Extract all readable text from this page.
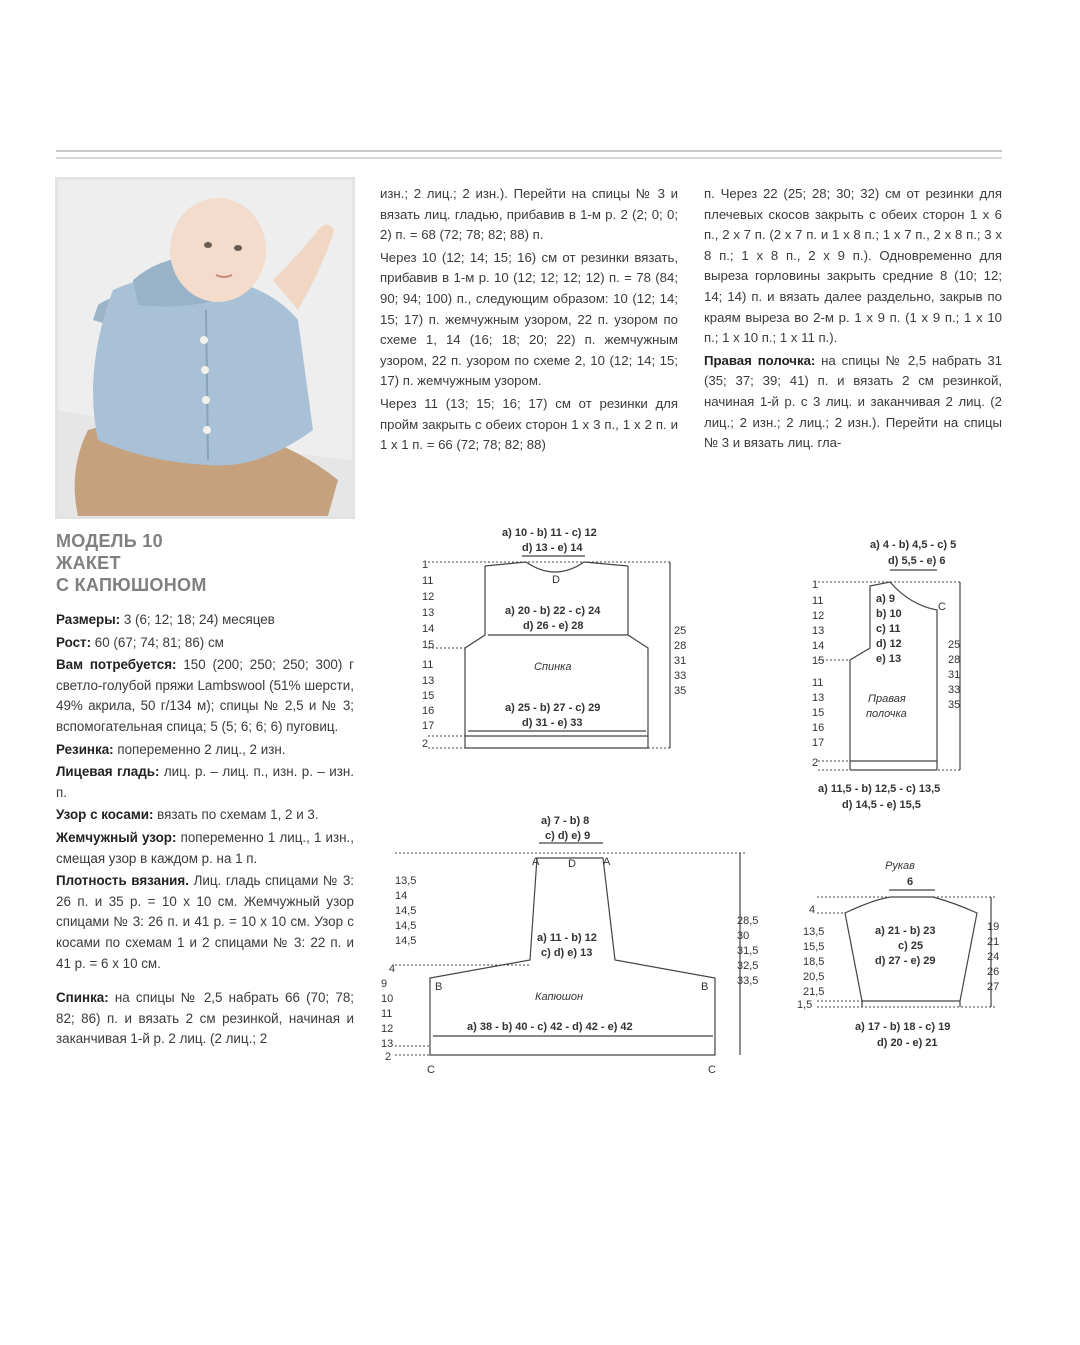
изн.; 2 лиц.; 2 изн.). Перейти на спицы № 3 и вязать лиц. гладью, прибавив в 1-м р. 2 (2; 0; 0; 2) п. = 68 (72; 78; 82; 88) п.

Через 10 (12; 14; 15; 16) см от резинки вязать, прибавив в 1-м р. 10 (12; 12; 12; 12) п. = 78 (84; 90; 94; 100) п., следующим образом: 10 (12; 14; 15; 17) п. жемчужным узором, 22 п. узором по схеме 1, 14 (16; 18; 20; 22) п. жемчужным узором, 22 п. узором по схеме 2, 10 (12; 14; 15; 17) п. жемчужным узором.

Через 11 (13; 15; 16; 17) см от резинки для пройм закрыть с обеих сторон 1 х 3 п., 1 х 2 п. и 1 х 1 п. = 66 (72; 78; 82; 88)

п. Через 22 (25; 28; 30; 32) см от резинки для плечевых скосов закрыть с обеих сторон 1 х 6 п., 2 х 7 п. (2 х 7 п. и 1 х 8 п.; 1 х 7 п., 2 х 8 п.; 3 х 8 п.; 1 х 8 п., 2 х 9 п.). Одновременно для выреза горловины закрыть средние 8 (10; 12; 14; 14) п. и вязать далее раздельно, закрыв по краям выреза во 2-м р. 1 х 9 п. (1 х 9 п.; 1 х 10 п.; 1 х 10 п.; 1 х 11 п.).

Правая полочка: на спицы № 2,5 набрать 31 (35; 37; 39; 41) п. и вязать 2 см резинкой, начиная 1-й р. с 3 лиц. и заканчивая 2 лиц. (2 лиц.; 2 изн.; 2 лиц.; 2 изн.). Перейти на спицы № 3 и вязать лиц. гла-

МОДЕЛЬ 10
ЖАКЕТ
С КАПЮШОНОМ

Размеры: 3 (6; 12; 18; 24) месяцев

Рост: 60 (67; 74; 81; 86) см

Вам потребуется: 150 (200; 250; 250; 300) г светло-голубой пряжи Lambswool (51% шерсти, 49% акрила, 50 г/134 м); спицы № 2,5 и № 3; вспомогательная спица; 5 (5; 6; 6; 6) пуговиц.

Резинка: попеременно 2 лиц., 2 изн.

Лицевая гладь: лиц. р. – лиц. п., изн. р. – изн. п.

Узор с косами: вязать по схемам 1, 2 и 3.

Жемчужный узор: попеременно 1 лиц., 1 изн., смещая узор в каждом р. на 1 п.

Плотность вязания. Лиц. гладь спицами № 3: 26 п. и 35 р. = 10 х 10 см. Жемчужный узор спицами № 3: 26 п. и 41 р. = 10 х 10 см. Узор с косами по схемам 1 и 2 спицами № 3: 22 п. и 41 р. = 6 х 10 см.

Спинка: на спицы № 2,5 набрать 66 (70; 78; 82; 86) п. и вязать 2 см резинкой, начиная и заканчивая 1-й р. 2 лиц. (2 лиц.; 2

a) 10 - b) 11 - c) 12
d) 13 - e) 14
D
a) 20 - b) 22 - c) 24
d) 26 - e) 28
Спинка
a) 25 - b) 27 - c) 29
d) 31 - e) 33
1
11
12
13
14
15
11
13
15
16
17
2
25
28
31
33
35
a) 4 - b) 4,5 - c) 5
d) 5,5 - e) 6
C
a) 9
b) 10
c) 11
d) 12
e) 13
Правая
полочка
1
11
12
13
14
15
11
13
15
16
17
2
25
28
31
33
35
a) 11,5 - b) 12,5 - c) 13,5
d) 14,5 - e) 15,5
a) 7 - b) 8
c) d) e) 9
A	D A
a) 11 - b) 12
c) d) e) 13
B	B
Капюшон
a) 38 - b) 40 - c) 42 - d) 42 - e) 42
C	C
13,5
14
14,5
14,5
14,5
4
9
10
11
12
13
2
28,5
30
31,5
32,5
33,5
Рукав
6
a) 21 - b) 23
c) 25
d) 27 - e) 29
4
13,5
15,5
18,5
20,5
21,5
1,5
19
21
24
26
27
a) 17 - b) 18 - c) 19
d) 20 - e) 21
